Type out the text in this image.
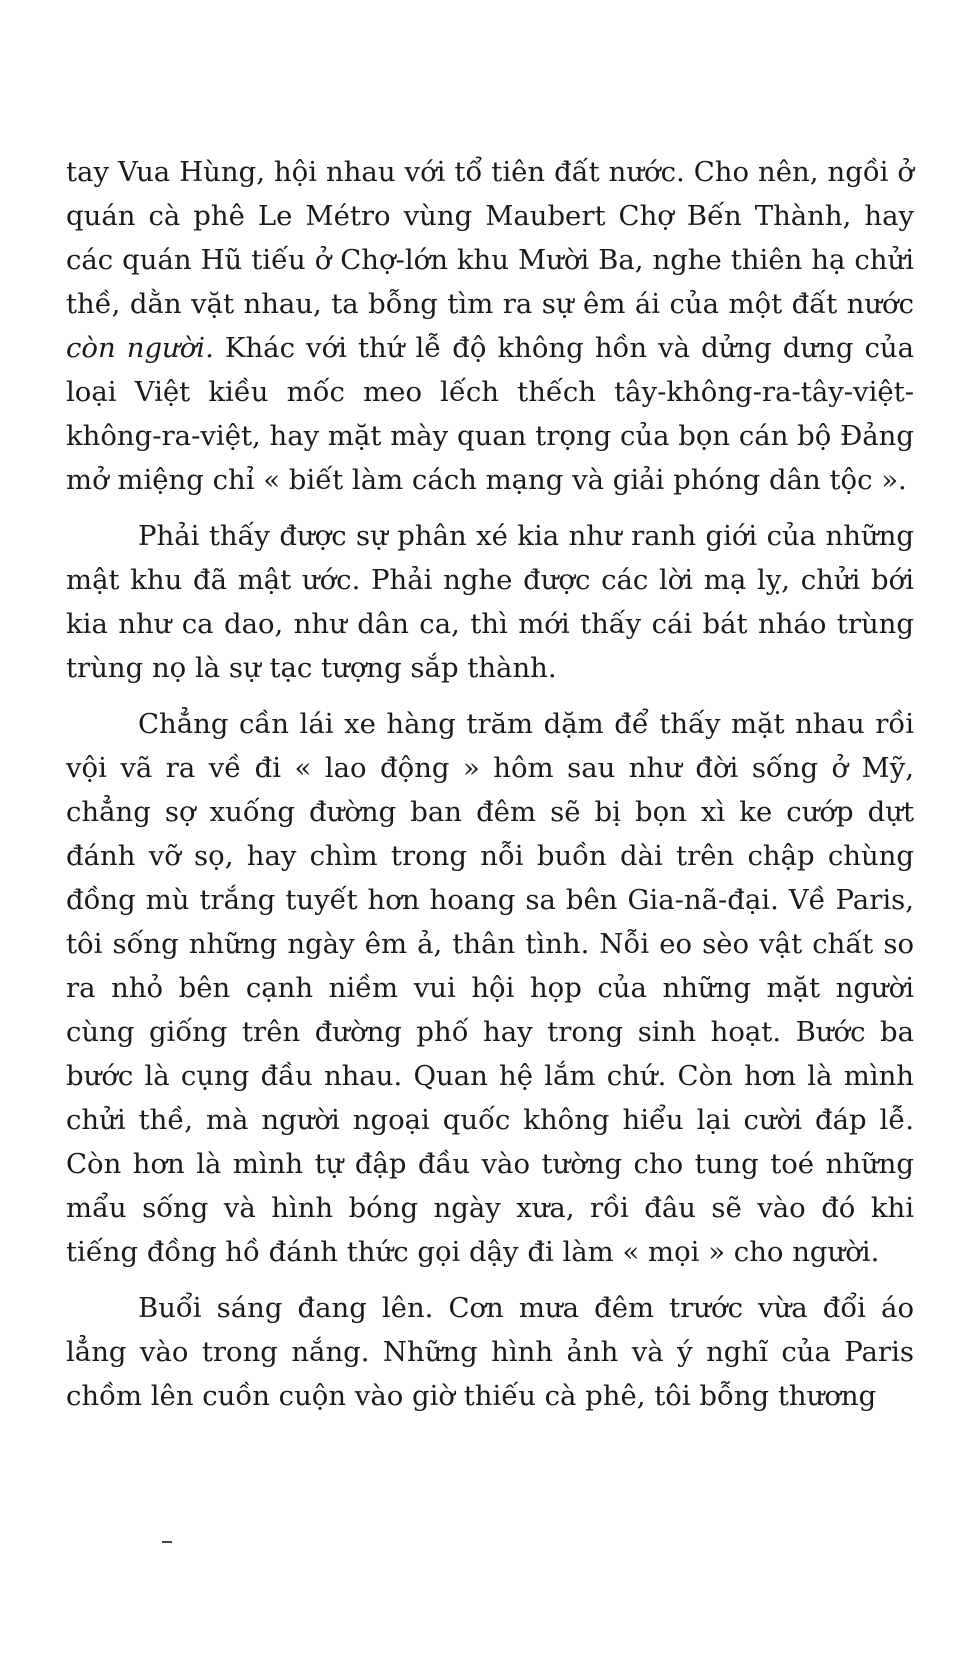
tay Vua Hùng, hội nhau với tổ tiên đất nước. Cho nên, ngồi ở quán cà phê Le Métro vùng Maubert Chợ Bến Thành, hay các quán Hũ tiếu ở Chợ-lớn khu Mười Ba, nghe thiên hạ chửi thề, dằn vặt nhau, ta bỗng tìm ra sự êm ái của một đất nước còn người. Khác với thứ lễ độ không hồn và dửng dưng của loại Việt kiều mốc meo lếch thếch tây-không-ra-tây-việt-không-ra-việt, hay mặt mày quan trọng của bọn cán bộ Đảng mở miệng chỉ « biết làm cách mạng và giải phóng dân tộc ».

Phải thấy được sự phân xé kia như ranh giới của những mật khu đã mật ước. Phải nghe được các lời mạ lỵ, chửi bới kia như ca dao, như dân ca, thì mới thấy cái bát nháo trùng trùng nọ là sự tạc tượng sắp thành.

Chẳng cần lái xe hàng trăm dặm để thấy mặt nhau rồi vội vã ra về đi « lao động » hôm sau như đời sống ở Mỹ, chẳng sợ xuống đường ban đêm sẽ bị bọn xì ke cướp dựt đánh vỡ sọ, hay chìm trong nỗi buồn dài trên chập chùng đồng mù trắng tuyết hơn hoang sa bên Gia-nã-đại. Về Paris, tôi sống những ngày êm ả, thân tình. Nỗi eo sèo vật chất so ra nhỏ bên cạnh niềm vui hội họp của những mặt người cùng giống trên đường phố hay trong sinh hoạt. Bước ba bước là cụng đầu nhau. Quan hệ lắm chứ. Còn hơn là mình chửi thề, mà người ngoại quốc không hiểu lại cười đáp lễ. Còn hơn là mình tự đập đầu vào tường cho tung toé những mẩu sống và hình bóng ngày xưa, rồi đâu sẽ vào đó khi tiếng đồng hồ đánh thức gọi dậy đi làm « mọi » cho người.

Buổi sáng đang lên. Cơn mưa đêm trước vừa đổi áo lẳng vào trong nắng. Những hình ảnh và ý nghĩ của Paris chồm lên cuồn cuộn vào giờ thiếu cà phê, tôi bỗng thương
